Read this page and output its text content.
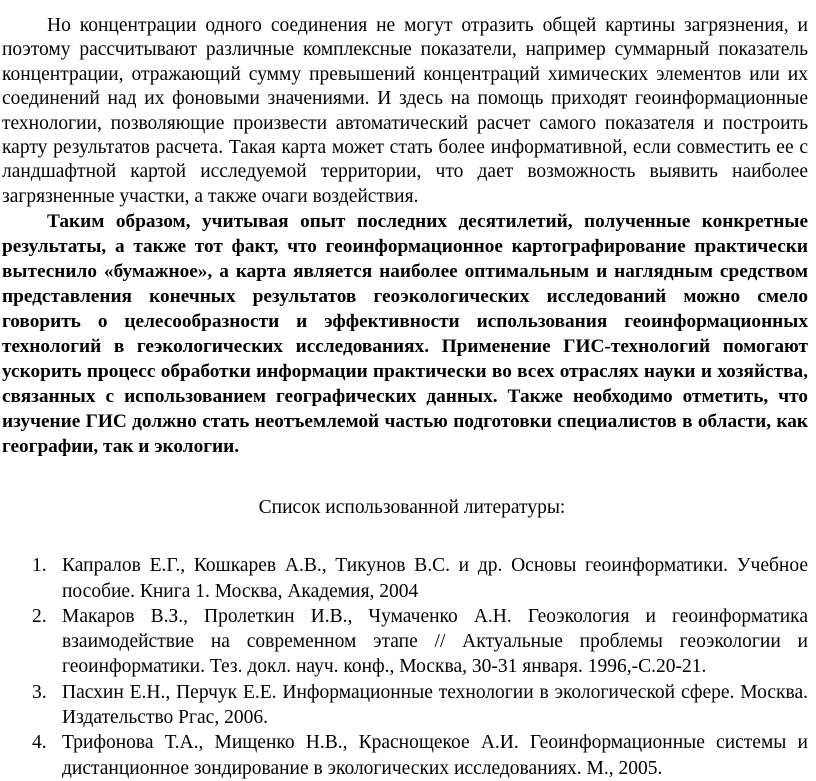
Но концентрации одного соединения не могут отразить общей картины загрязнения, и поэтому рассчитывают различные комплексные показатели, например суммарный показатель концентрации, отражающий сумму превышений концентраций химических элементов или их соединений над их фоновыми значениями. И здесь на помощь приходят геоинформационные технологии, позволяющие произвести автоматический расчет самого показателя и построить карту результатов расчета. Такая карта может стать более информативной, если совместить ее с ландшафтной картой исследуемой территории, что дает возможность выявить наиболее загрязненные участки, а также очаги воздействия.

Таким образом, учитывая опыт последних десятилетий, полученные конкретные результаты, а также тот факт, что геоинформационное картографирование практически вытеснило «бумажное», а карта является наиболее оптимальным и наглядным средством представления конечных результатов геоэкологических исследований можно смело говорить о целесообразности и эффективности использования геоинформационных технологий в геэкологических исследованиях. Применение ГИС-технологий помогают ускорить процесс обработки информации практически во всех отраслях науки и хозяйства, связанных с использованием географических данных. Также необходимо отметить, что изучение ГИС должно стать неотъемлемой частью подготовки специалистов в области, как географии, так и экологии.

Список использованной литературы:
1. Капралов Е.Г., Кошкарев А.В., Тикунов В.С. и др. Основы геоинформатики. Учебное пособие. Книга 1. Москва, Академия, 2004
2. Макаров В.З., Пролеткин И.В., Чумаченко А.Н. Геоэкология и геоинформатика взаимодействие на современном этапе // Актуальные проблемы геоэкологии и геоинформатики. Тез. докл. науч. конф., Москва, 30-31 января. 1996,-С.20-21.
3. Пасхин Е.Н., Перчук Е.Е. Информационные технологии в экологической сфере. Москва. Издательство Ргас, 2006.
4. Трифонова Т.А., Мищенко Н.В., Краснощекое А.И. Геоинформационные системы и дистанционное зондирование в экологических исследованиях. М., 2005.
